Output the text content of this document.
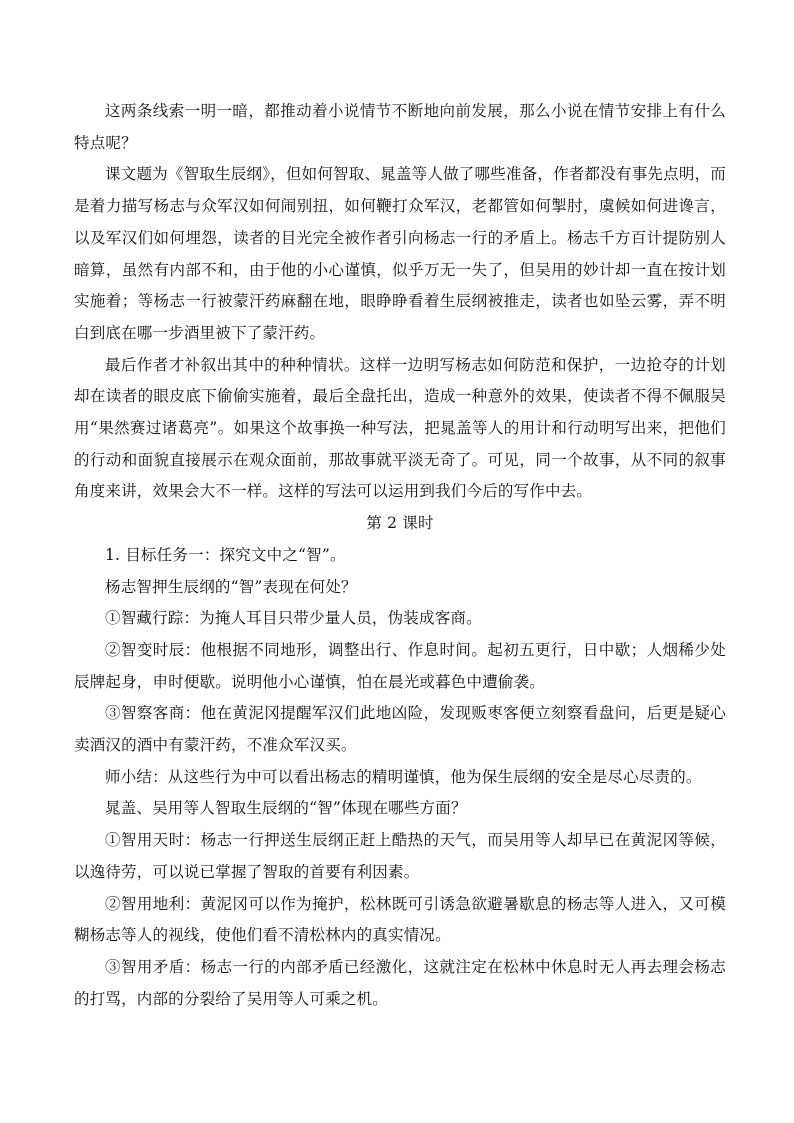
这两条线索一明一暗，都推动着小说情节不断地向前发展，那么小说在情节安排上有什么特点呢？

课文题为《智取生辰纲》，但如何智取、晁盖等人做了哪些准备，作者都没有事先点明，而是着力描写杨志与众军汉如何闹别扭，如何鞭打众军汉，老都管如何掣肘，虞候如何进谗言，以及军汉们如何埋怨，读者的目光完全被作者引向杨志一行的矛盾上。杨志千方百计提防别人暗算，虽然有内部不和，由于他的小心谨慎，似乎万无一失了，但吴用的妙计却一直在按计划实施着；等杨志一行被蒙汗药麻翻在地，眼睁睁看着生辰纲被推走，读者也如坠云雾，弄不明白到底在哪一步酒里被下了蒙汗药。

最后作者才补叙出其中的种种情状。这样一边明写杨志如何防范和保护，一边抢夺的计划却在读者的眼皮底下偷偷实施着，最后全盘托出，造成一种意外的效果，使读者不得不佩服吴用“果然赛过诸葛亮”。如果这个故事换一种写法，把晁盖等人的用计和行动明写出来，把他们的行动和面貌直接展示在观众面前，那故事就平淡无奇了。可见，同一个故事，从不同的叙事角度来讲，效果会大不一样。这样的写法可以运用到我们今后的写作中去。

第 2 课时

1. 目标任务一：探究文中之“智”。

杨志智押生辰纲的“智”表现在何处？

①智藏行踪：为掩人耳目只带少量人员，伪装成客商。

②智变时辰：他根据不同地形，调整出行、作息时间。起初五更行，日中歇；人烟稀少处辰牌起身，申时便歇。说明他小心谨慎，怕在晨光或暮色中遭偷袭。

③智察客商：他在黄泥冈提醒军汉们此地凶险，发现贩枣客便立刻察看盘问，后更是疑心卖酒汉的酒中有蒙汗药，不准众军汉买。

师小结：从这些行为中可以看出杨志的精明谨慎，他为保生辰纲的安全是尽心尽责的。

晁盖、吴用等人智取生辰纲的“智”体现在哪些方面？

①智用天时：杨志一行押送生辰纲正赶上酷热的天气，而吴用等人却早已在黄泥冈等候，以逸待劳，可以说已掌握了智取的首要有利因素。

②智用地利：黄泥冈可以作为掩护，松林既可引诱急欲避暑歇息的杨志等人进入，又可模糊杨志等人的视线，使他们看不清松林内的真实情况。

③智用矛盾：杨志一行的内部矛盾已经激化，这就注定在松林中休息时无人再去理会杨志的打骂，内部的分裂给了吴用等人可乘之机。
